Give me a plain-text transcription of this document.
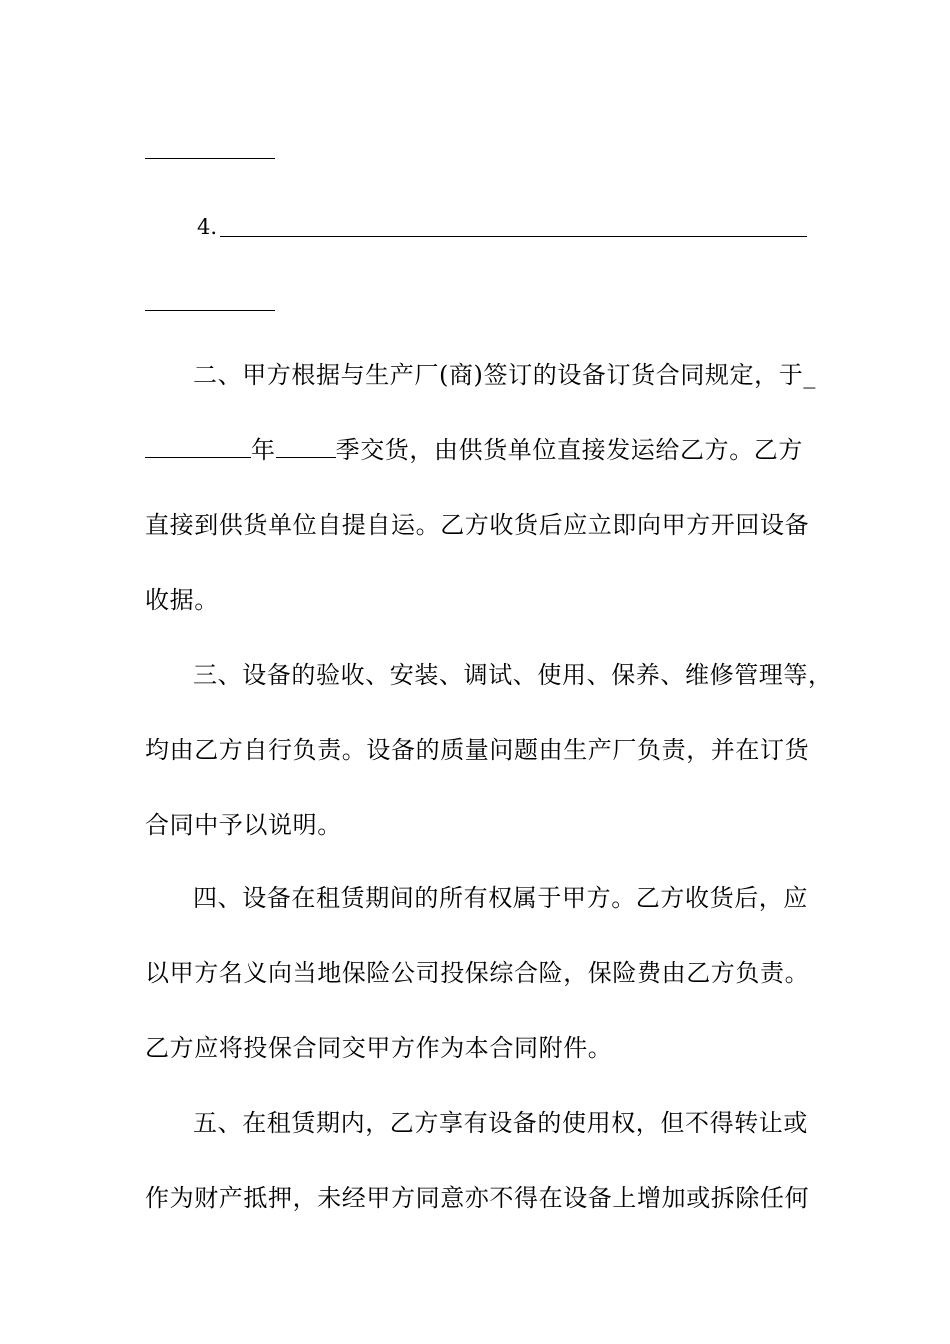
4.
二、甲方根据与生产厂(商)签订的设备订货合同规定，于_
年	季交货，由供货单位直接发运给乙方。乙方
直接到供货单位自提自运。乙方收货后应立即向甲方开回设备
收据。
三、设备的验收、安装、调试、使用、保养、维修管理等，
均由乙方自行负责。设备的质量问题由生产厂负责，并在订货
合同中予以说明。
四、设备在租赁期间的所有权属于甲方。乙方收货后，应
以甲方名义向当地保险公司投保综合险，保险费由乙方负责。
乙方应将投保合同交甲方作为本合同附件。
五、在租赁期内，乙方享有设备的使用权，但不得转让或
作为财产抵押，未经甲方同意亦不得在设备上增加或拆除任何
